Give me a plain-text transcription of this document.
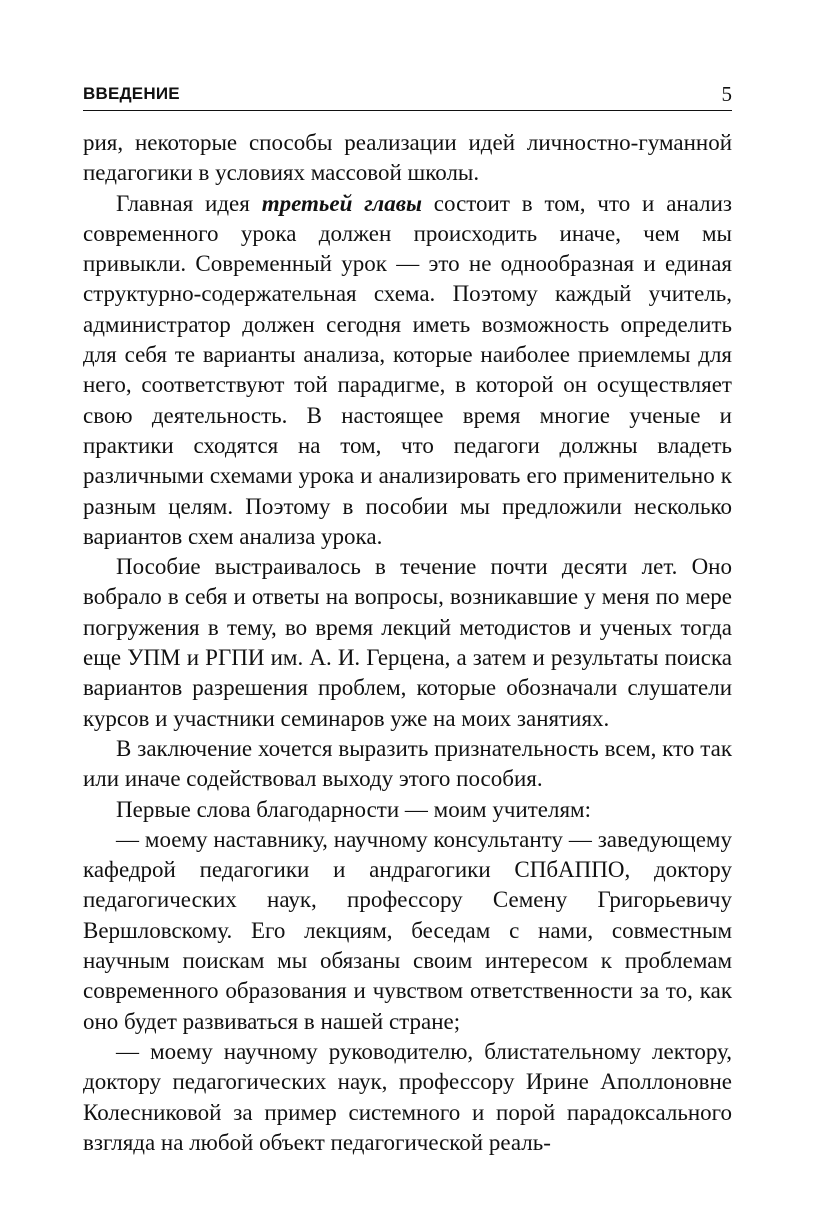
ВВЕДЕНИЕ	5

рия, некоторые способы реализации идей личностно-гуманной педагогики в условиях массовой школы.

Главная идея третьей главы состоит в том, что и анализ современного урока должен происходить иначе, чем мы привыкли. Современный урок — это не однообразная и единая структурно-содержательная схема. Поэтому каждый учитель, администратор должен сегодня иметь возможность определить для себя те варианты анализа, которые наиболее приемлемы для него, соответствуют той парадигме, в которой он осуществляет свою деятельность. В настоящее время многие ученые и практики сходятся на том, что педагоги должны владеть различными схемами урока и анализировать его применительно к разным целям. Поэтому в пособии мы предложили несколько вариантов схем анализа урока.

Пособие выстраивалось в течение почти десяти лет. Оно вобрало в себя и ответы на вопросы, возникавшие у меня по мере погружения в тему, во время лекций методистов и ученых тогда еще УПМ и РГПИ им. А. И. Герцена, а затем и результаты поиска вариантов разрешения проблем, которые обозначали слушатели курсов и участники семинаров уже на моих занятиях.

В заключение хочется выразить признательность всем, кто так или иначе содействовал выходу этого пособия.

Первые слова благодарности — моим учителям:

— моему наставнику, научному консультанту — заведующему кафедрой педагогики и андрагогики СПбАППО, доктору педагогических наук, профессору Семену Григорьевичу Вершловскому. Его лекциям, беседам с нами, совместным научным поискам мы обязаны своим интересом к проблемам современного образования и чувством ответственности за то, как оно будет развиваться в нашей стране;

— моему научному руководителю, блистательному лектору, доктору педагогических наук, профессору Ирине Аполлоновне Колесниковой за пример системного и порой парадоксального взгляда на любой объект педагогической реаль-
